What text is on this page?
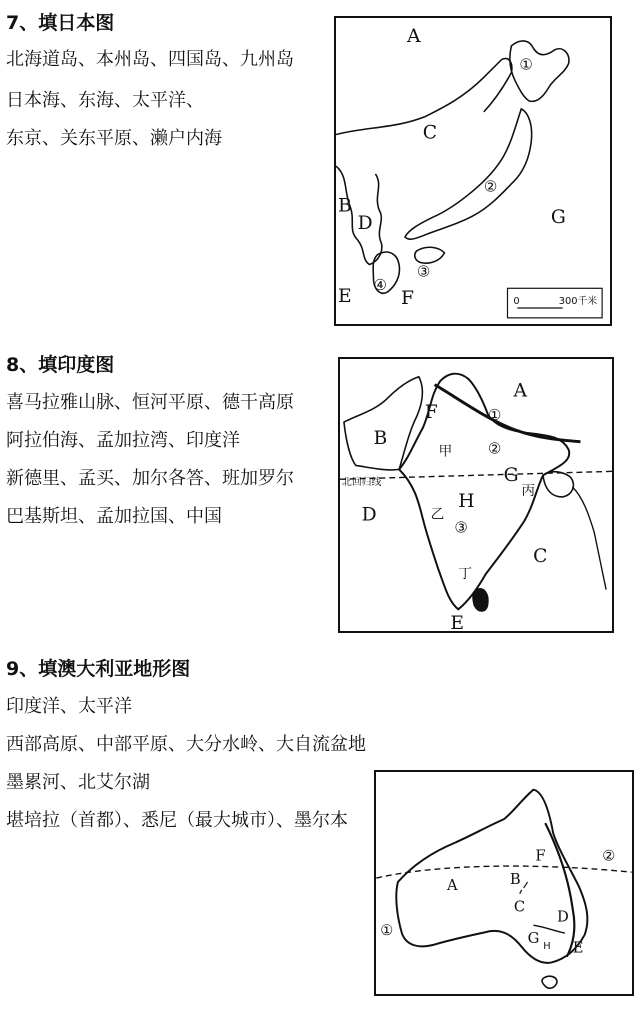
7、填日本图

北海道岛、本州岛、四国岛、九州岛

日本海、东海、太平洋、

东京、关东平原、濑户内海

A
B
C
D
E	F
G
①
②
③
④
0	300千米
8、填印度图

喜马拉雅山脉、恒河平原、德干高原

阿拉伯海、孟加拉湾、印度洋

新德里、孟买、加尔各答、班加罗尔

巴基斯坦、孟加拉国、中国

A
B
C
D
E
F
G
H
①
②
③
甲
乙
丙
丁
北回归线
9、填澳大利亚地形图

印度洋、太平洋

西部高原、中部平原、大分水岭、大自流盆地

墨累河、北艾尔湖

堪培拉（首都）、悉尼（最大城市）、墨尔本

A	B
C
D
E
F
G H
①
②
